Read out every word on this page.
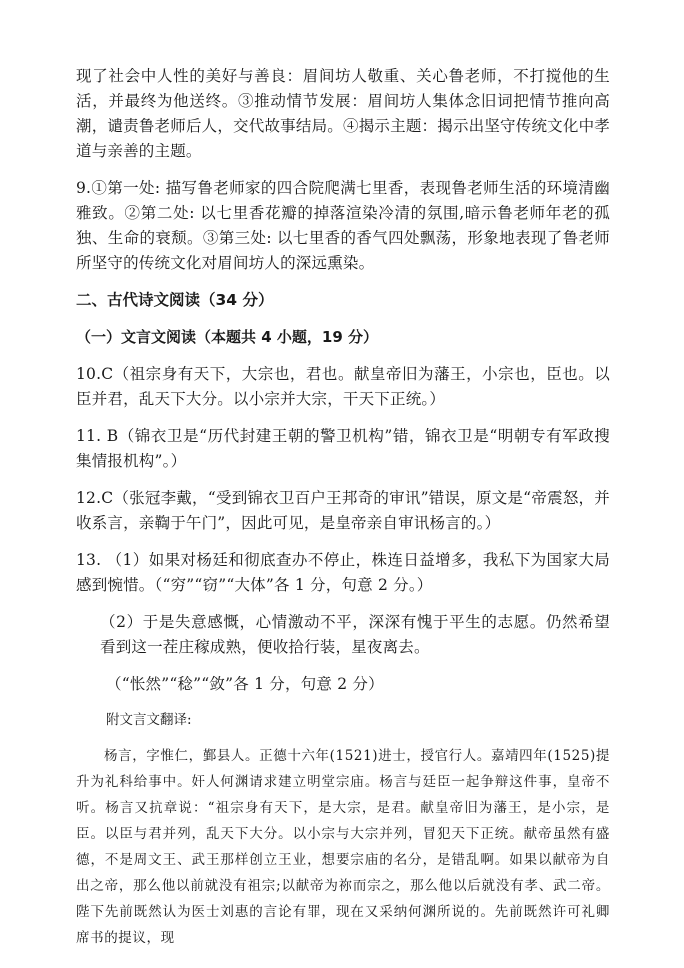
现了社会中人性的美好与善良：眉间坊人敬重、关心鲁老师，不打搅他的生活，并最终为他送终。③推动情节发展：眉间坊人集体念旧词把情节推向高潮，谴责鲁老师后人，交代故事结局。④揭示主题：揭示出坚守传统文化中孝道与亲善的主题。

9.①第一处: 描写鲁老师家的四合院爬满七里香，表现鲁老师生活的环境清幽雅致。②第二处: 以七里香花瓣的掉落渲染冷清的氛围,暗示鲁老师年老的孤独、生命的衰颓。③第三处: 以七里香的香气四处飘荡，形象地表现了鲁老师所坚守的传统文化对眉间坊人的深远熏染。

二、古代诗文阅读（34 分）

（一）文言文阅读（本题共 4 小题，19 分）

10.C（祖宗身有天下，大宗也，君也。献皇帝旧为藩王，小宗也，臣也。以臣并君，乱天下大分。以小宗并大宗，干天下正统。）

11. B（锦衣卫是“历代封建王朝的警卫机构”错，锦衣卫是“明朝专有军政搜集情报机构”。）

12.C（张冠李戴，“受到锦衣卫百户王邦奇的审讯”错误，原文是“帝震怒，并收系言，亲鞫于午门”，因此可见，是皇帝亲自审讯杨言的。）

13. （1）如果对杨廷和彻底查办不停止，株连日益增多，我私下为国家大局感到惋惜。（“穷”“窃”“大体”各 1 分，句意 2 分。）

（2）于是失意感慨，心情激动不平，深深有愧于平生的志愿。仍然希望看到这一茬庄稼成熟，便收拾行装，星夜离去。

（“怅然”“稔”“敛”各 1 分，句意 2 分）

附文言文翻译:

杨言，字惟仁，鄞县人。正德十六年(1521)进士，授官行人。嘉靖四年(1525)提升为礼科给事中。奸人何渊请求建立明堂宗庙。杨言与廷臣一起争辩这件事，皇帝不听。杨言又抗章说：“祖宗身有天下，是大宗，是君。献皇帝旧为藩王，是小宗，是臣。以臣与君并列，乱天下大分。以小宗与大宗并列，冒犯天下正统。献帝虽然有盛德，不是周文王、武王那样创立王业，想要宗庙的名分，是错乱啊。如果以献帝为自出之帝，那么他以前就没有祖宗;以献帝为祢而宗之，那么他以后就没有孝、武二帝。陛下先前既然认为医士刘惠的言论有罪，现在又采纳何渊所说的。先前既然许可礼卿席书的提议，现
